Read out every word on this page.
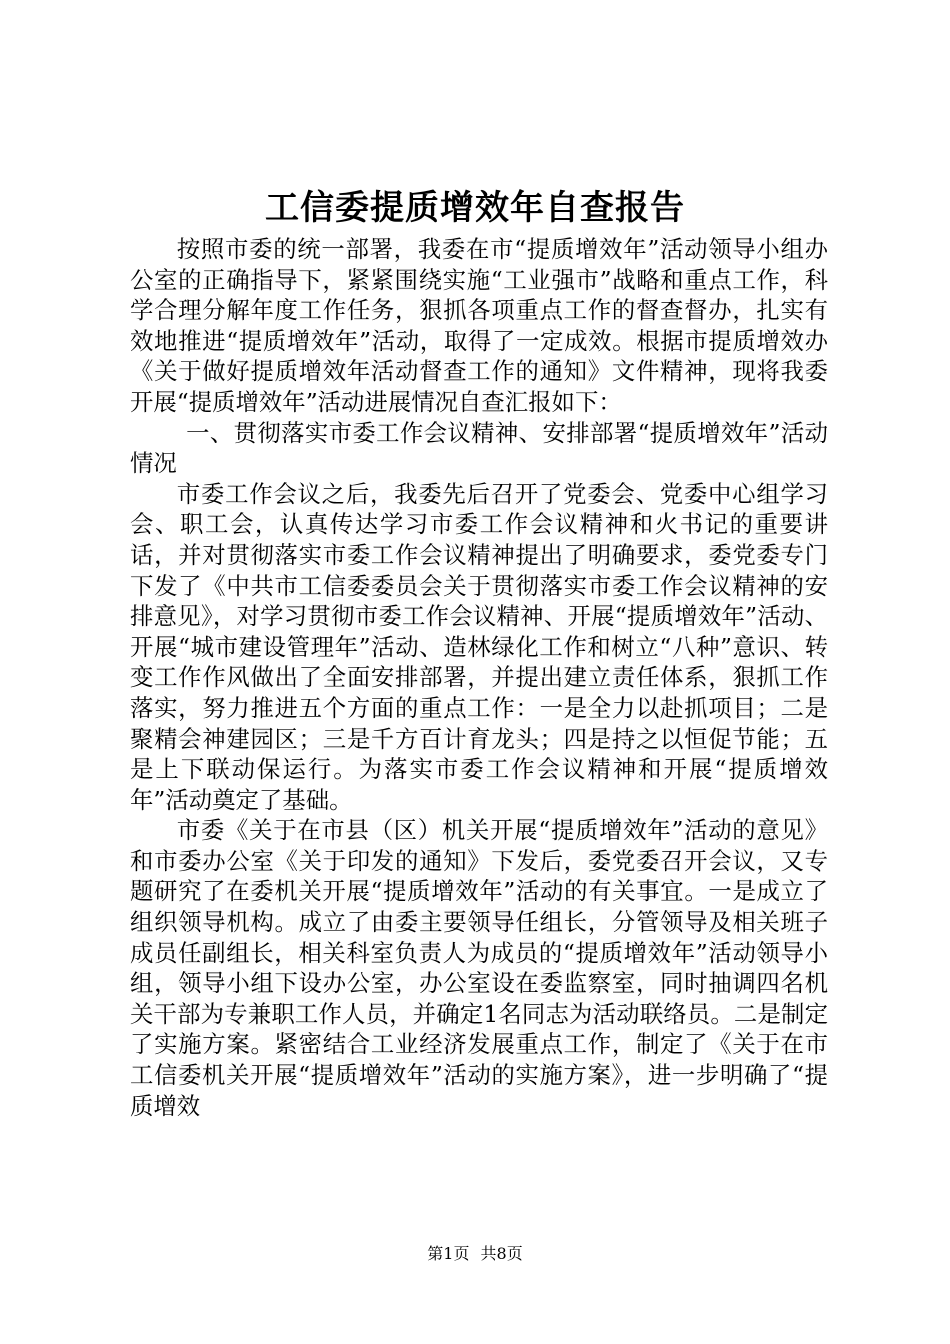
工信委提质增效年自查报告

按照市委的统一部署，我委在市“提质增效年”活动领导小组办公室的正确指导下，紧紧围绕实施“工业强市”战略和重点工作，科学合理分解年度工作任务，狠抓各项重点工作的督查督办，扎实有效地推进“提质增效年”活动，取得了一定成效。根据市提质增效办《关于做好提质增效年活动督查工作的通知》文件精神，现将我委开展“提质增效年”活动进展情况自查汇报如下：

一、贯彻落实市委工作会议精神、安排部署“提质增效年”活动情况

市委工作会议之后，我委先后召开了党委会、党委中心组学习会、职工会，认真传达学习市委工作会议精神和火书记的重要讲话，并对贯彻落实市委工作会议精神提出了明确要求，委党委专门下发了《中共市工信委委员会关于贯彻落实市委工作会议精神的安排意见》，对学习贯彻市委工作会议精神、开展“提质增效年”活动、开展“城市建设管理年”活动、造林绿化工作和树立“八种”意识、转变工作作风做出了全面安排部署，并提出建立责任体系，狠抓工作落实，努力推进五个方面的重点工作：一是全力以赴抓项目；二是聚精会神建园区；三是千方百计育龙头；四是持之以恒促节能；五是上下联动保运行。为落实市委工作会议精神和开展“提质增效年”活动奠定了基础。

市委《关于在市县（区）机关开展“提质增效年”活动的意见》和市委办公室《关于印发的通知》下发后，委党委召开会议，又专题研究了在委机关开展“提质增效年”活动的有关事宜。一是成立了组织领导机构。成立了由委主要领导任组长，分管领导及相关班子成员任副组长，相关科室负责人为成员的“提质增效年”活动领导小组，领导小组下设办公室，办公室设在委监察室，同时抽调四名机关干部为专兼职工作人员，并确定1名同志为活动联络员。二是制定了实施方案。紧密结合工业经济发展重点工作，制定了《关于在市工信委机关开展“提质增效年”活动的实施方案》，进一步明确了“提质增效

第1页 共8页
